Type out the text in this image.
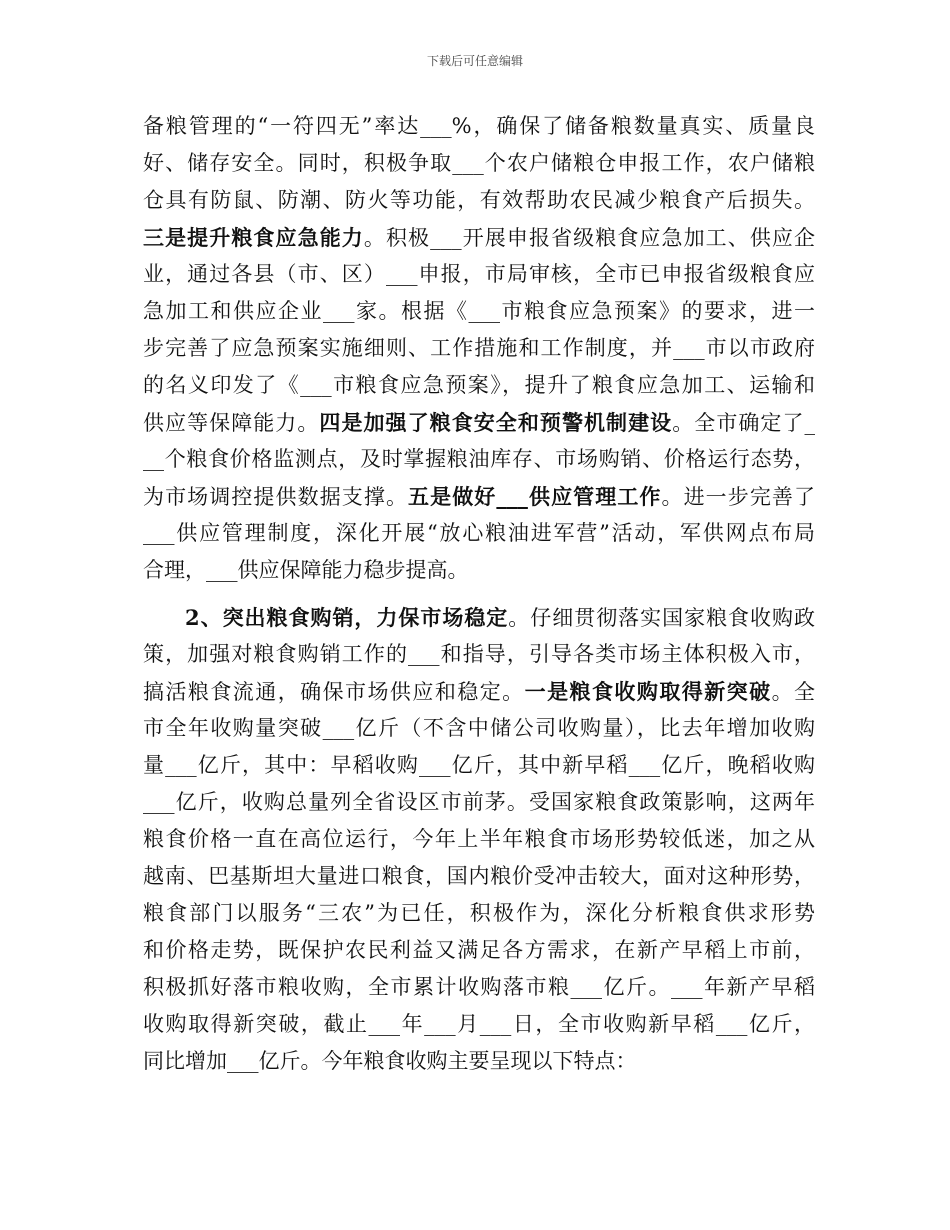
下载后可任意编辑
备粮管理的“一符四无”率达___%，确保了储备粮数量真实、质量良
好、储存安全。同时，积极争取___个农户储粮仓申报工作，农户储粮
仓具有防鼠、防潮、防火等功能，有效帮助农民减少粮食产后损失。
三是提升粮食应急能力。积极___开展申报省级粮食应急加工、供应企
业，通过各县（市、区）___申报，市局审核，全市已申报省级粮食应
急加工和供应企业___家。根据《___市粮食应急预案》的要求，进一
步完善了应急预案实施细则、工作措施和工作制度，并___市以市政府
的名义印发了《___市粮食应急预案》，提升了粮食应急加工、运输和
供应等保障能力。四是加强了粮食安全和预警机制建设。全市确定了_
__个粮食价格监测点，及时掌握粮油库存、市场购销、价格运行态势，
为市场调控提供数据支撑。五是做好___供应管理工作。进一步完善了
___供应管理制度，深化开展“放心粮油进军营”活动，军供网点布局
合理，___供应保障能力稳步提高。
2、突出粮食购销，力保市场稳定。仔细贯彻落实国家粮食收购政
策，加强对粮食购销工作的___和指导，引导各类市场主体积极入市，
搞活粮食流通，确保市场供应和稳定。一是粮食收购取得新突破。全
市全年收购量突破___亿斤（不含中储公司收购量），比去年增加收购
量___亿斤，其中：早稻收购___亿斤，其中新早稻___亿斤，晚稻收购
___亿斤，收购总量列全省设区市前茅。受国家粮食政策影响，这两年
粮食价格一直在高位运行，今年上半年粮食市场形势较低迷，加之从
越南、巴基斯坦大量进口粮食，国内粮价受冲击较大，面对这种形势，
粮食部门以服务“三农”为已任，积极作为，深化分析粮食供求形势
和价格走势，既保护农民利益又满足各方需求，在新产早稻上市前，
积极抓好落市粮收购，全市累计收购落市粮___亿斤。___年新产早稻
收购取得新突破，截止___年___月___日，全市收购新早稻___亿斤，
同比增加___亿斤。今年粮食收购主要呈现以下特点：
